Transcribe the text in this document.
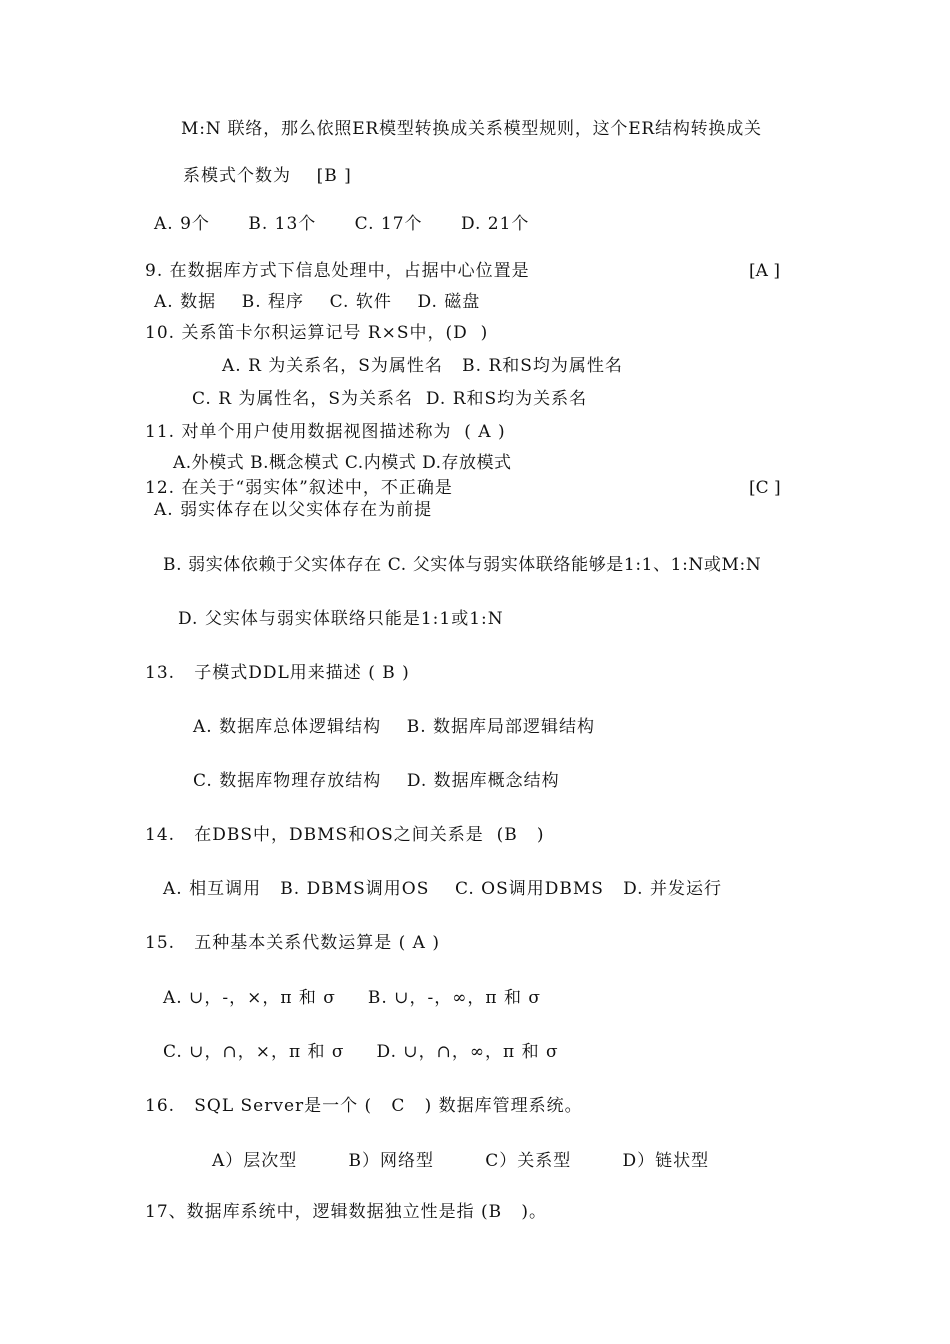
M:N 联络，那么依照ER模型转换成关系模型规则，这个ER结构转换成关
系模式个数为    [B ]
A. 9个      B. 13个      C. 17个      D. 21个
9. 在数据库方式下信息处理中，占据中心位置是	[A ]
A. 数据    B. 程序    C. 软件    D. 磁盘
10. 关系笛卡尔积运算记号 R×S中，(D  )
A. R 为关系名，S为属性名   B. R和S均为属性名
C. R 为属性名，S为关系名  D. R和S均为关系名
11. 对单个用户使用数据视图描述称为  ( A )
A.外模式 B.概念模式 C.内模式 D.存放模式
12. 在关于“弱实体”叙述中，不正确是	[C ]
A. 弱实体存在以父实体存在为前提
B. 弱实体依赖于父实体存在 C. 父实体与弱实体联络能够是1:1、1:N或M:N
D. 父实体与弱实体联络只能是1:1或1:N
13.   子模式DDL用来描述 ( B )
A. 数据库总体逻辑结构    B. 数据库局部逻辑结构
C. 数据库物理存放结构    D. 数据库概念结构
14.   在DBS中，DBMS和OS之间关系是  (B   )
A. 相互调用   B. DBMS调用OS    C. OS调用DBMS   D. 并发运行
15.   五种基本关系代数运算是 ( A )
A. ∪，-，×，π 和 σ     B. ∪，-，∞，π 和 σ
C. ∪，∩，×，π 和 σ     D. ∪，∩，∞，π 和 σ
16.   SQL Server是一个 (   C   ) 数据库管理系统。
A）层次型        B）网络型        C）关系型        D）链状型
17、数据库系统中，逻辑数据独立性是指 (B   )。
